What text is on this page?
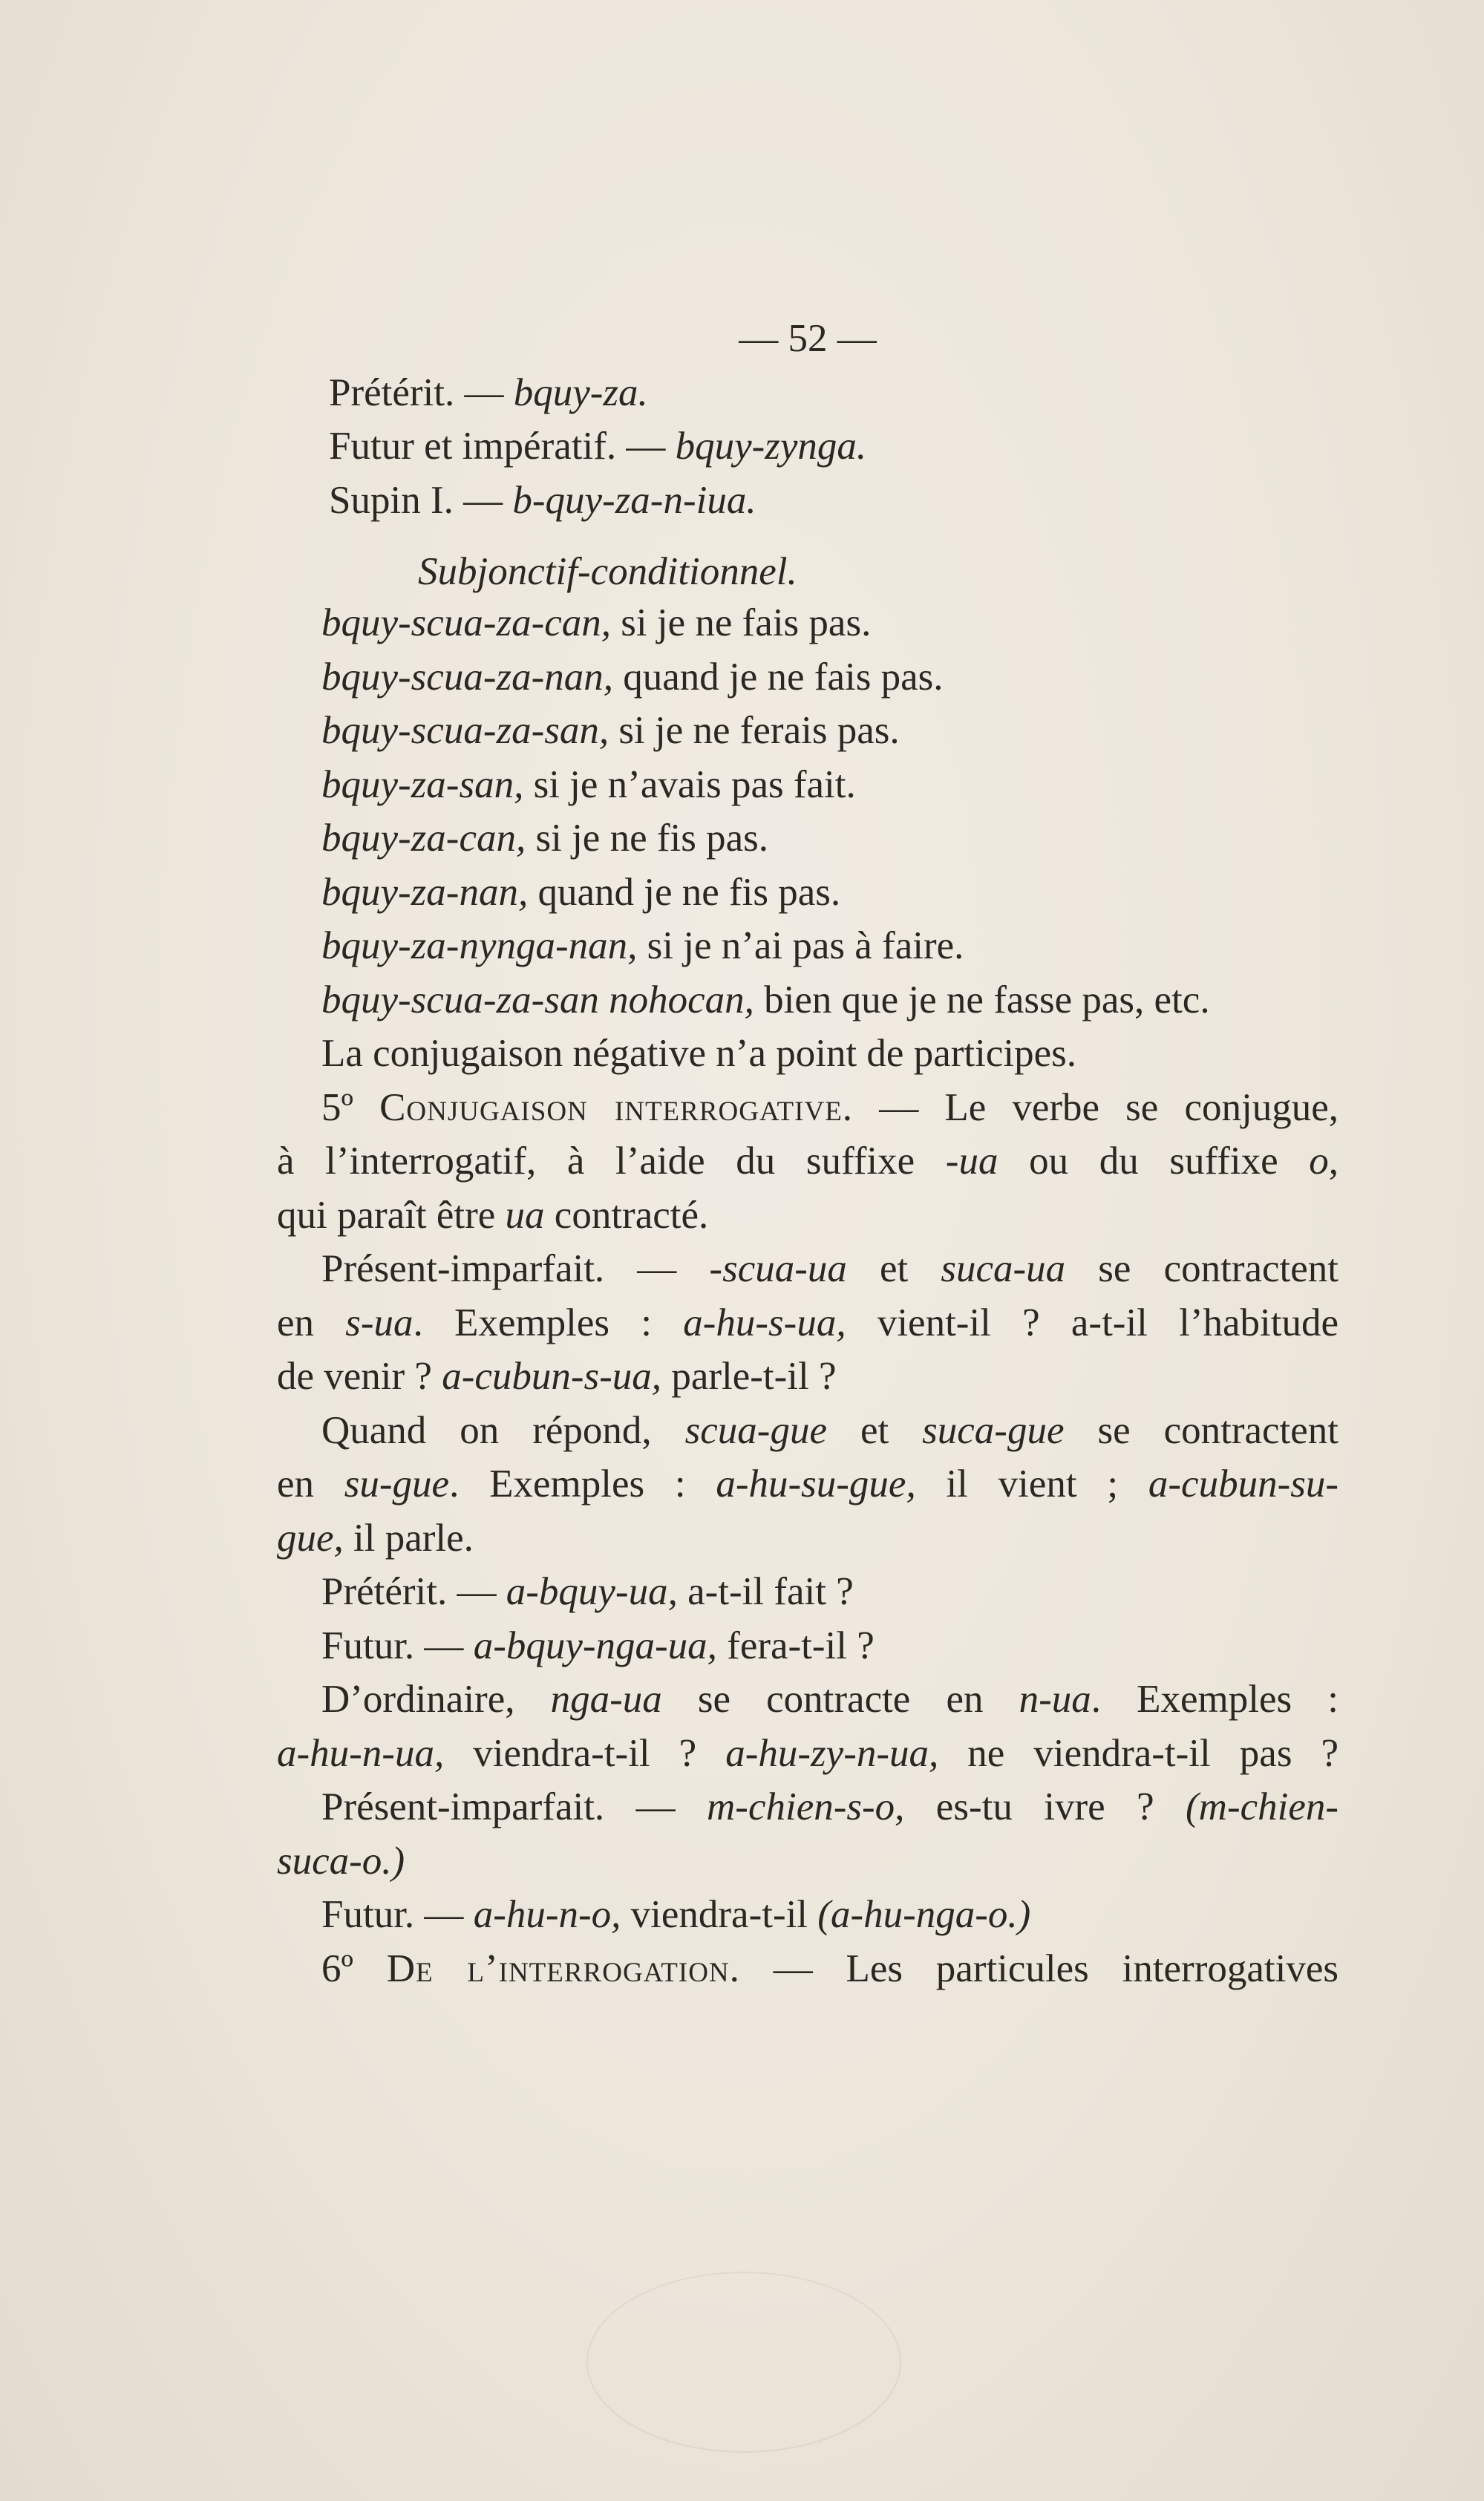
— 52 —
Prétérit. — bquy-za.
Futur et impératif. — bquy-zynga.
Supin I. — b-quy-za-n-iua.
Subjonctif-conditionnel.
bquy-scua-za-can, si je ne fais pas.
bquy-scua-za-nan, quand je ne fais pas.
bquy-scua-za-san, si je ne ferais pas.
bquy-za-san, si je n’avais pas fait.
bquy-za-can, si je ne fis pas.
bquy-za-nan, quand je ne fis pas.
bquy-za-nynga-nan, si je n’ai pas à faire.
bquy-scua-za-san nohocan, bien que je ne fasse pas, etc.
La conjugaison négative n’a point de participes.
5º Conjugaison interrogative. — Le verbe se conjugue,
à l’interrogatif, à l’aide du suffixe -ua ou du suffixe o,
qui paraît être ua contracté.
Présent-imparfait. — -scua-ua et suca-ua se contractent
en s-ua. Exemples : a-hu-s-ua, vient-il ? a-t-il l’habitude
de venir ? a-cubun-s-ua, parle-t-il ?
Quand on répond, scua-gue et suca-gue se contractent
en su-gue. Exemples : a-hu-su-gue, il vient ; a-cubun-su-
gue, il parle.
Prétérit. — a-bquy-ua, a-t-il fait ?
Futur. — a-bquy-nga-ua, fera-t-il ?
D’ordinaire, nga-ua se contracte en n-ua. Exemples :
a-hu-n-ua, viendra-t-il ? a-hu-zy-n-ua, ne viendra-t-il pas ?
Présent-imparfait. — m-chien-s-o, es-tu ivre ? (m-chien-
suca-o.)
Futur. — a-hu-n-o, viendra-t-il (a-hu-nga-o.)
6º De l’interrogation. — Les particules interrogatives
